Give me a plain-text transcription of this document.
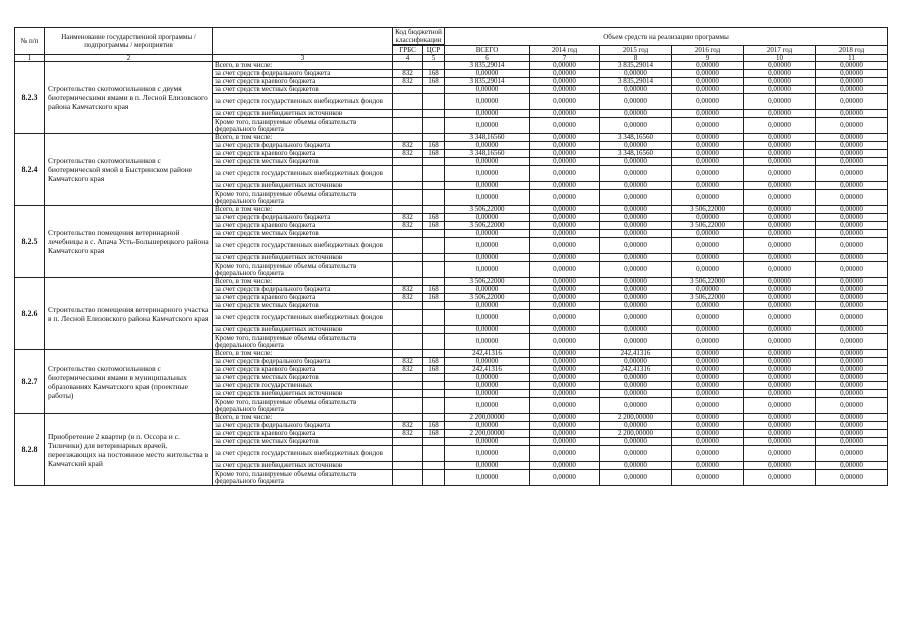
№ п/п	Наименование государственной программы / подпрограммы / мероприятия		Код бюджетной классификации		Объем средств на реализацию программы					

			ГРБС	ЦСР	ВСЕГО	2014 год	2015 год	2016 год	2017 год	2018 год
1	2	3	4	5	6	7	8	9	10	11
8.2.3	Строительство скотомогильников с двумя биотермическими ямами в п. Лесной Елизовского района Камчатского края	Всего, в том числе:			3 835,29014	0,00000	3 835,29014	0,00000	0,00000	0,00000
		за счет средств федерального бюджета	832	168	0,00000	0,00000	0,00000	0,00000	0,00000	0,00000
		за счет средств краевого бюджета	832	168	3 835,29014	0,00000	3 835,29014	0,00000	0,00000	0,00000
		за счет средств местных бюджетов			0,00000	0,00000	0,00000	0,00000	0,00000	0,00000
		за счет средств государственных внебюджетных фондов			0,00000	0,00000	0,00000	0,00000	0,00000	0,00000
		за счет средств внебюджетных источников			0,00000	0,00000	0,00000	0,00000	0,00000	0,00000
		Кроме того, планируемые объемы обязательств федерального бюджета			0,00000	0,00000	0,00000	0,00000	0,00000	0,00000
8.2.4	Строительство скотомогильников с биотермической ямой в Быстринском районе Камчатского края	Всего, в том числе:			3 348,16560	0,00000	3 348,16560	0,00000	0,00000	0,00000
		за счет средств федерального бюджета	832	168	0,00000	0,00000	0,00000	0,00000	0,00000	0,00000
		за счет средств краевого бюджета	832	168	3 348,16560	0,00000	3 348,16560	0,00000	0,00000	0,00000
		за счет средств местных бюджетов			0,00000	0,00000	0,00000	0,00000	0,00000	0,00000
		за счет средств государственных внебюджетных фондов			0,00000	0,00000	0,00000	0,00000	0,00000	0,00000
		за счет средств внебюджетных источников			0,00000	0,00000	0,00000	0,00000	0,00000	0,00000
		Кроме того, планируемые объемы обязательств федерального бюджета			0,00000	0,00000	0,00000	0,00000	0,00000	0,00000
8.2.5	Строительство помещения ветеринарной лечебницы в с. Апача Усть-Большерецкого района Камчатского края	Всего, в том числе:			3 506,22000	0,00000	0,00000	3 506,22000	0,00000	0,00000
		за счет средств федерального бюджета	832	168	0,00000	0,00000	0,00000	0,00000	0,00000	0,00000
		за счет средств краевого бюджета	832	168	3 506,22000	0,00000	0,00000	3 506,22000	0,00000	0,00000
		за счет средств местных бюджетов			0,00000	0,00000	0,00000	0,00000	0,00000	0,00000
		за счет средств государственных внебюджетных фондов			0,00000	0,00000	0,00000	0,00000	0,00000	0,00000
		за счет средств внебюджетных источников			0,00000	0,00000	0,00000	0,00000	0,00000	0,00000
		Кроме того, планируемые объемы обязательств федерального бюджета			0,00000	0,00000	0,00000	0,00000	0,00000	0,00000
8.2.6	Строительство помещения ветеринарного участка в п. Лесной Елизовского района Камчатского края	Всего, в том числе:			3 506,22000	0,00000	0,00000	3 506,22000	0,00000	0,00000
		за счет средств федерального бюджета	832	168	0,00000	0,00000	0,00000	0,00000	0,00000	0,00000
		за счет средств краевого бюджета	832	168	3 506,22000	0,00000	0,00000	3 506,22000	0,00000	0,00000
		за счет средств местных бюджетов			0,00000	0,00000	0,00000	0,00000	0,00000	0,00000
		за счет средств государственных внебюджетных фондов			0,00000	0,00000	0,00000	0,00000	0,00000	0,00000
		за счет средств внебюджетных источников			0,00000	0,00000	0,00000	0,00000	0,00000	0,00000
		Кроме того, планируемые объемы обязательств федерального бюджета			0,00000	0,00000	0,00000	0,00000	0,00000	0,00000
8.2.7	Строительство скотомогильников с биотермическими ямами в муниципальных образованиях Камчатского края (проектные работы)	Всего, в том числе:			242,41316	0,00000	242,41316	0,00000	0,00000	0,00000
		за счет средств федерального бюджета	832	168	0,00000	0,00000	0,00000	0,00000	0,00000	0,00000
		за счет средств краевого бюджета	832	168	242,41316	0,00000	242,41316	0,00000	0,00000	0,00000
		за счет средств местных бюджетов			0,00000	0,00000	0,00000	0,00000	0,00000	0,00000
		за счет средств государственных			0,00000	0,00000	0,00000	0,00000	0,00000	0,00000
		за счет средств внебюджетных источников			0,00000	0,00000	0,00000	0,00000	0,00000	0,00000
		Кроме того, планируемые объемы обязательств федерального бюджета			0,00000	0,00000	0,00000	0,00000	0,00000	0,00000
8.2.8	Приобретение 2 квартир (в п. Оссора и с. Тиличики) для ветеринарных врачей, переезжающих на постоянное место жительства в Камчатский край	Всего, в том числе:			2 200,00000	0,00000	2 200,00000	0,00000	0,00000	0,00000
		за счет средств федерального бюджета	832	168	0,00000	0,00000	0,00000	0,00000	0,00000	0,00000
		за счет средств краевого бюджета	832	168	2 200,00000	0,00000	2 200,00000	0,00000	0,00000	0,00000
		за счет средств местных бюджетов			0,00000	0,00000	0,00000	0,00000	0,00000	0,00000
		за счет средств государственных внебюджетных фондов			0,00000	0,00000	0,00000	0,00000	0,00000	0,00000
		за счет средств внебюджетных источников			0,00000	0,00000	0,00000	0,00000	0,00000	0,00000
		Кроме того, планируемые объемы обязательств федерального бюджета			0,00000	0,00000	0,00000	0,00000	0,00000	0,00000
